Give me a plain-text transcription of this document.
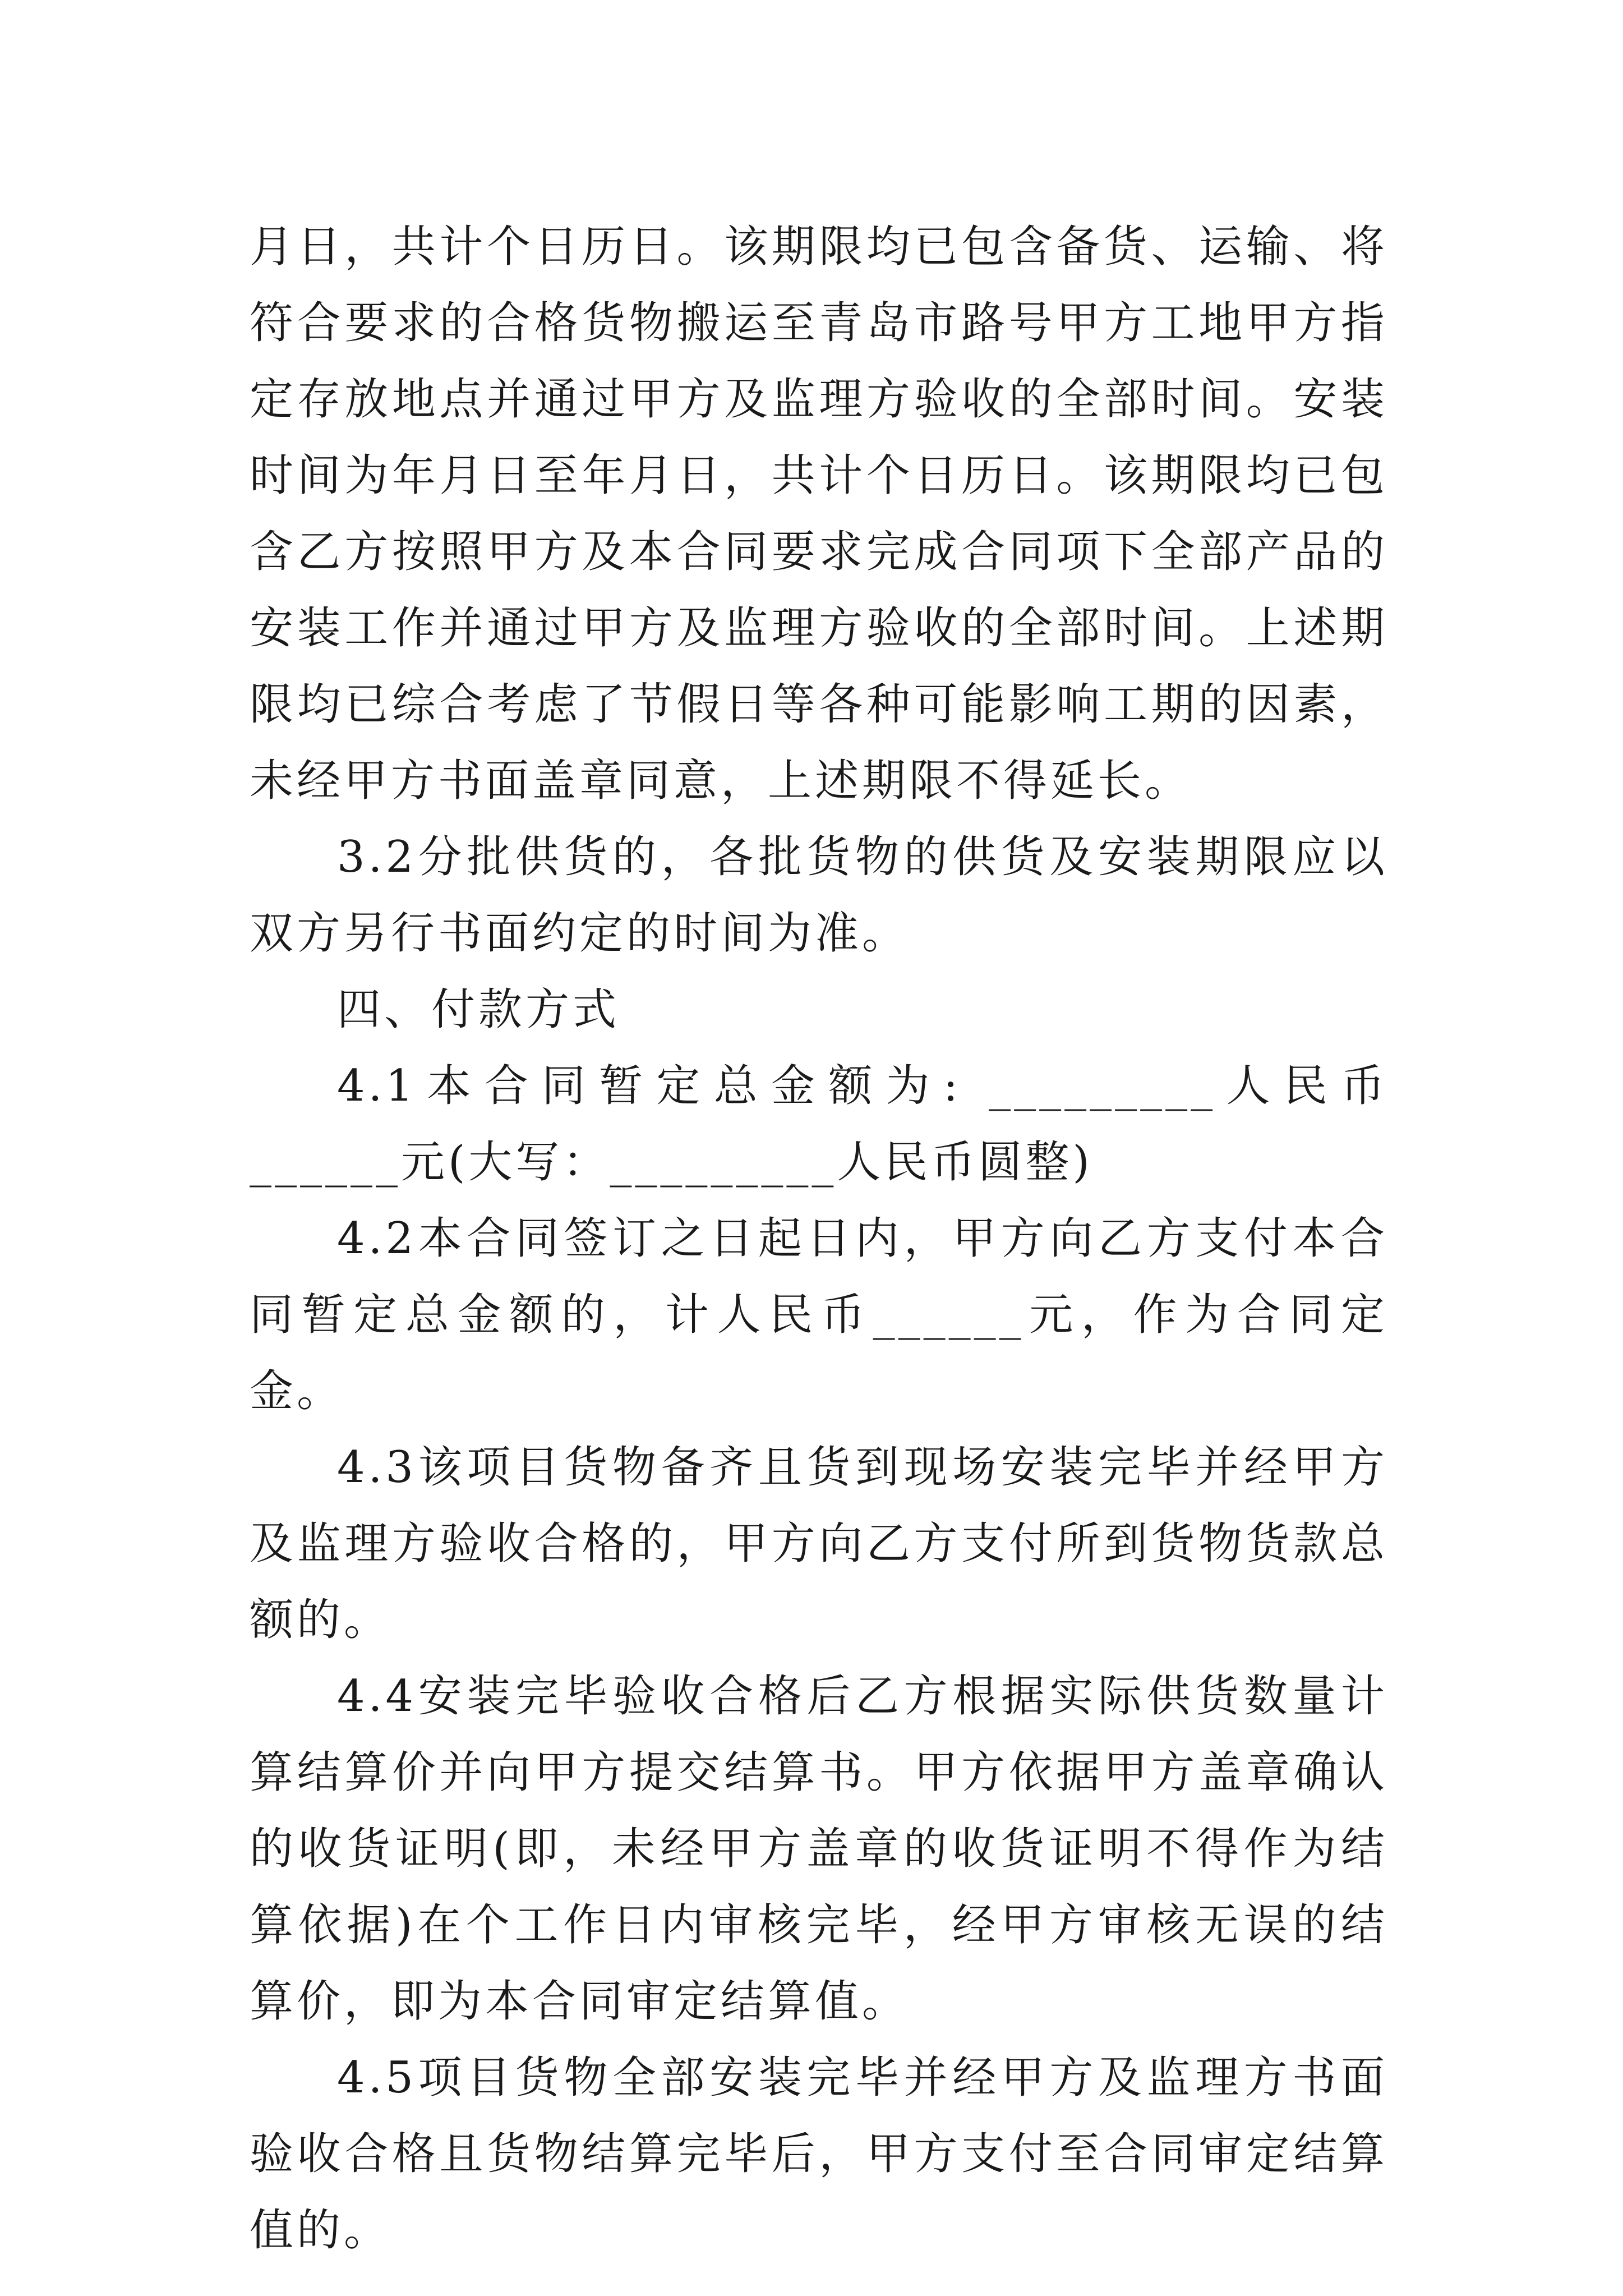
月日，共计个日历日。该期限均已包含备货、运输、将符合要求的合格货物搬运至青岛市路号甲方工地甲方指定存放地点并通过甲方及监理方验收的全部时间。安装时间为年月日至年月日，共计个日历日。该期限均已包含乙方按照甲方及本合同要求完成合同项下全部产品的安装工作并通过甲方及监理方验收的全部时间。上述期限均已综合考虑了节假日等各种可能影响工期的因素，未经甲方书面盖章同意，上述期限不得延长。

3.2分批供货的，各批货物的供货及安装期限应以双方另行书面约定的时间为准。

四、付款方式

4.1本合同暂定总金额为: _________人民币______元(大写：_________人民币圆整)

4.2本合同签订之日起日内，甲方向乙方支付本合同暂定总金额的，计人民币______元，作为合同定金。

4.3该项目货物备齐且货到现场安装完毕并经甲方及监理方验收合格的，甲方向乙方支付所到货物货款总额的。

4.4安装完毕验收合格后乙方根据实际供货数量计算结算价并向甲方提交结算书。甲方依据甲方盖章确认的收货证明(即，未经甲方盖章的收货证明不得作为结算依据)在个工作日内审核完毕，经甲方审核无误的结算价，即为本合同审定结算值。

4.5项目货物全部安装完毕并经甲方及监理方书面验收合格且货物结算完毕后，甲方支付至合同审定结算值的。
